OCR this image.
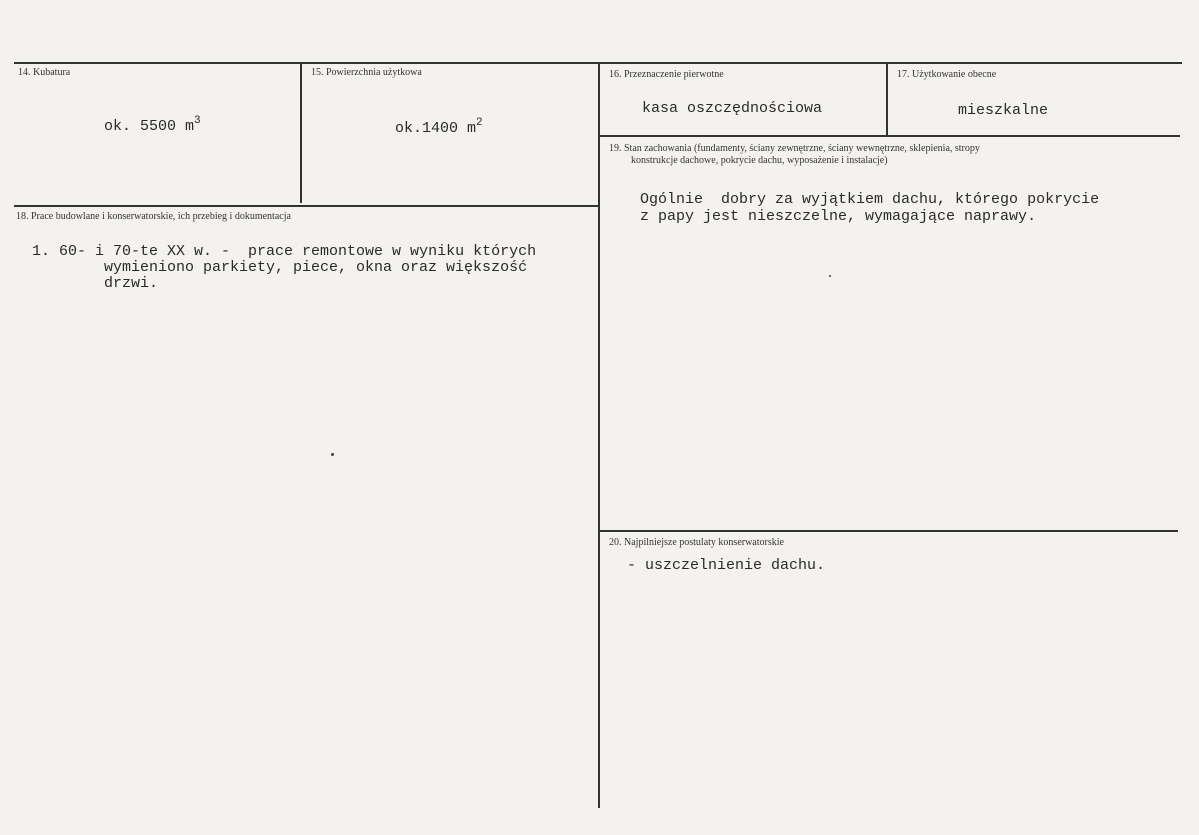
14. Kubatura
ok. 5500 $m^3$
15. Powierzchnia użytkowa
ok.1400 $m^2$
16. Przeznaczenie pierwotne
kasa oszczędnościowa
17. Użytkowanie obecne
mieszkalne
18. Prace budowlane i konserwatorskie, ich przebieg i dokumentacja
1. 60- i 70-te XX w. -  prace remontowe w wyniku których
wymieniono parkiety, piece, okna oraz większość
drzwi.
19. Stan zachowania (fundamenty, ściany zewnętrzne, ściany wewnętrzne, sklepienia, stropy
konstrukcje dachowe, pokrycie dachu, wyposażenie i instalacje)
Ogólnie  dobry za wyjątkiem dachu, którego pokrycie
z papy jest nieszczelne, wymagające naprawy.
20. Najpilniejsze postulaty konserwatorskie
- uszczelnienie dachu.
